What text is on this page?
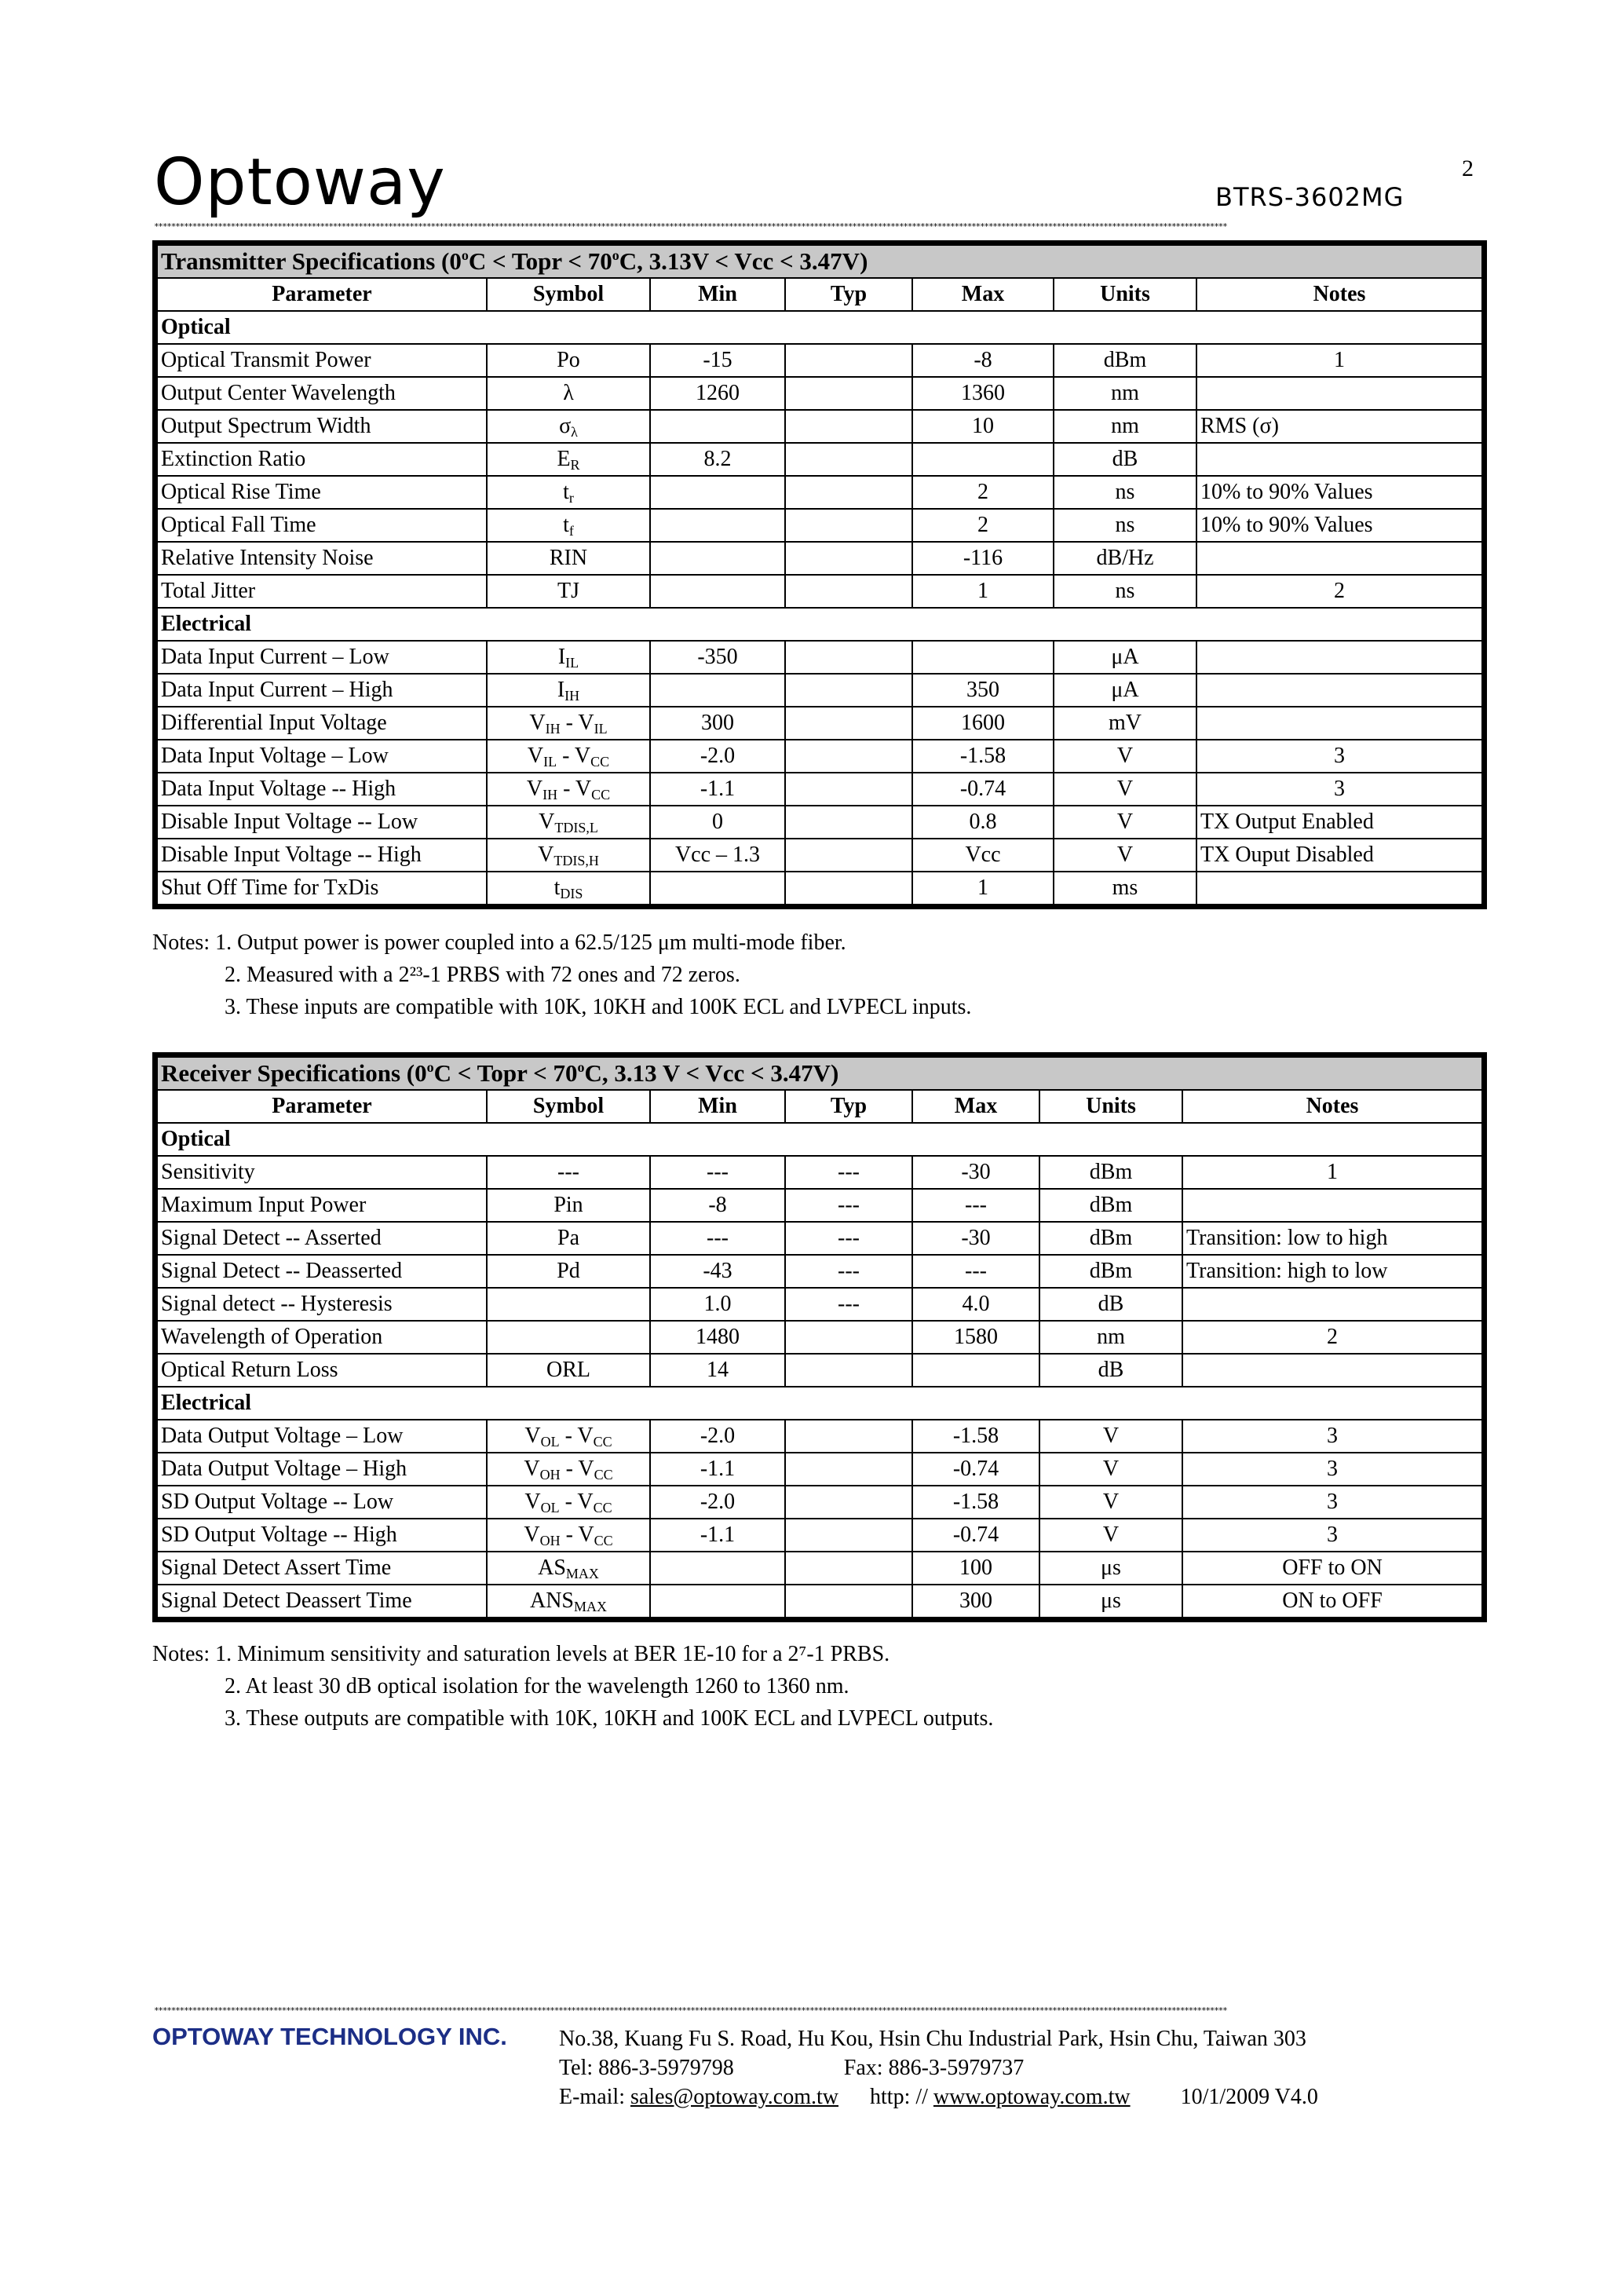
Optoway	2
BTRS-3602MG
************************************************************************************************************************************************************************************************************************************************************
Transmitter Specifications ($0^oC$ < Topr < $70^oC$, 3.13V < Vcc < 3.47V)						
Parameter	Symbol	Min	Typ	Max	Units	Notes
Optical						
Optical Transmit Power	Po	-15		-8	dBm	1
Output Center Wavelength	λ	1260		1360	nm	
Output Spectrum Width	$\sigma_\lambda$			10	nm	RMS (σ)
Extinction Ratio	$E_R$	8.2			dB	
Optical Rise Time	$t_r$			2	ns	10% to 90% Values
Optical Fall Time	$t_f$			2	ns	10% to 90% Values
Relative Intensity Noise	RIN			-116	dB/Hz	
Total Jitter	TJ			1	ns	2
Electrical						
Data Input Current – Low	$I_{IL}$	-350			μA	
Data Input Current – High	$I_{IH}$			350	μA	
Differential Input Voltage	$V_{IH} - V_{IL}$	300		1600	mV	
Data Input Voltage – Low	$V_{IL} - V_{CC}$	-2.0		-1.58	V	3
Data Input Voltage -- High	$V_{IH} - V_{CC}$	-1.1		-0.74	V	3
Disable Input Voltage -- Low	$V_{TDIS,L}$	0		0.8	V	TX Output Enabled
Disable Input Voltage -- High	$V_{TDIS,H}$	Vcc – 1.3		Vcc	V	TX Ouput Disabled
Shut Off Time for TxDis	$t_{DIS}$			1	ms	
Notes: 1. Output power is power coupled into a 62.5/125 μm multi-mode fiber.
2. Measured with a 2²³-1 PRBS with 72 ones and 72 zeros.
3. These inputs are compatible with 10K, 10KH and 100K ECL and LVPECL inputs.
Receiver Specifications ($0^oC$ < Topr < $70^oC$, 3.13 V < Vcc < 3.47V)						
Parameter	Symbol	Min	Typ	Max	Units	Notes
Optical						
Sensitivity	---	---	---	-30	dBm	1
Maximum Input Power	Pin	-8	---	---	dBm	
Signal Detect -- Asserted	Pa	---	---	-30	dBm	Transition: low to high
Signal Detect -- Deasserted	Pd	-43	---	---	dBm	Transition: high to low
Signal detect -- Hysteresis		1.0	---	4.0	dB	
Wavelength of Operation		1480		1580	nm	2
Optical Return Loss	ORL	14			dB	
Electrical						
Data Output Voltage – Low	$V_{OL} - V_{CC}$	-2.0		-1.58	V	3
Data Output Voltage – High	$V_{OH} - V_{CC}$	-1.1		-0.74	V	3
SD Output Voltage -- Low	$V_{OL} - V_{CC}$	-2.0		-1.58	V	3
SD Output Voltage -- High	$V_{OH} - V_{CC}$	-1.1		-0.74	V	3
Signal Detect Assert Time	$AS_{MAX}$			100	μs	OFF to ON
Signal Detect Deassert Time	$ANS_{MAX}$			300	μs	ON to OFF
Notes: 1. Minimum sensitivity and saturation levels at BER 1E-10 for a 2⁷-1 PRBS.
2. At least 30 dB optical isolation for the wavelength 1260 to 1360 nm.
3. These outputs are compatible with 10K, 10KH and 100K ECL and LVPECL outputs.
************************************************************************************************************************************************************************************************************************************************************
OPTOWAY TECHNOLOGY INC. No.38, Kuang Fu S. Road, Hu Kou, Hsin Chu Industrial Park, Hsin Chu, Taiwan 303
Tel: 886-3-5979798	Fax: 886-3-5979737
E-mail: sales@optoway.com.tw http: // www.optoway.com.tw 10/1/2009 V4.0
